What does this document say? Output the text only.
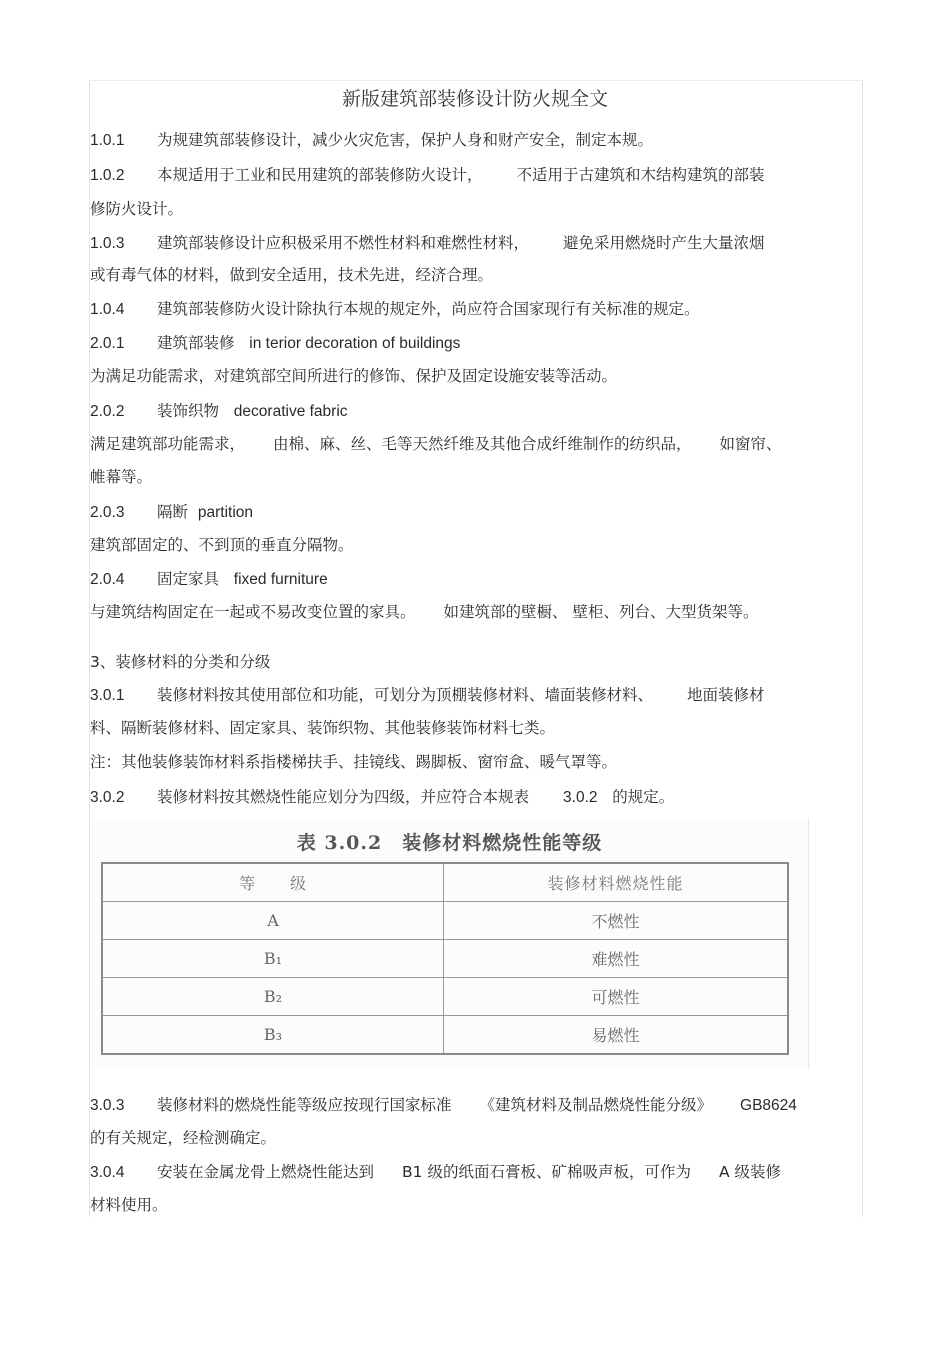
新版建筑部装修设计防火规全文
1.0.1 为规建筑部装修设计，减少火灾危害，保护人身和财产安全，制定本规。
1.0.2 本规适用于工业和民用建筑的部装修防火设计， 不适用于古建筑和木结构建筑的部装
修防火设计。
1.0.3 建筑部装修设计应积极采用不燃性材料和难燃性材料， 避免采用燃烧时产生大量浓烟
或有毒气体的材料，做到安全适用，技术先进，经济合理。
1.0.4 建筑部装修防火设计除执行本规的规定外，尚应符合国家现行有关标准的规定。
2.0.1 建筑部装修 in terior decoration of buildings
为满足功能需求，对建筑部空间所进行的修饰、保护及固定设施安装等活动。
2.0.2 装饰织物 decorative fabric
满足建筑部功能需求， 由棉、麻、丝、毛等天然纤维及其他合成纤维制作的纺织品， 如窗帘、
帷幕等。
2.0.3 隔断 partition
建筑部固定的、不到顶的垂直分隔物。
2.0.4 固定家具 fixed furniture
与建筑结构固定在一起或不易改变位置的家具。 如建筑部的壁橱、 壁柜、列台、大型货架等。
3、装修材料的分类和分级
3.0.1 装修材料按其使用部位和功能，可划分为顶棚装修材料、墙面装修材料、 地面装修材
料、隔断装修材料、固定家具、装饰织物、其他装修装饰材料七类。
注：其他装修装饰材料系指楼梯扶手、挂镜线、踢脚板、窗帘盒、暖气罩等。
3.0.2 装修材料按其燃烧性能应划分为四级，并应符合本规表 3.0.2 的规定。
表 3.0.2　装修材料燃烧性能等级
等　　级	装修材料燃烧性能
A	不燃性
B₁	难燃性
B₂	可燃性
B₃	易燃性
3.0.3 装修材料的燃烧性能等级应按现行国家标准 《建筑材料及制品燃烧性能分级》 GB8624
的有关规定，经检测确定。
3.0.4 安装在金属龙骨上燃烧性能达到 B1 级的纸面石膏板、矿棉吸声板，可作为 A 级装修
材料使用。
